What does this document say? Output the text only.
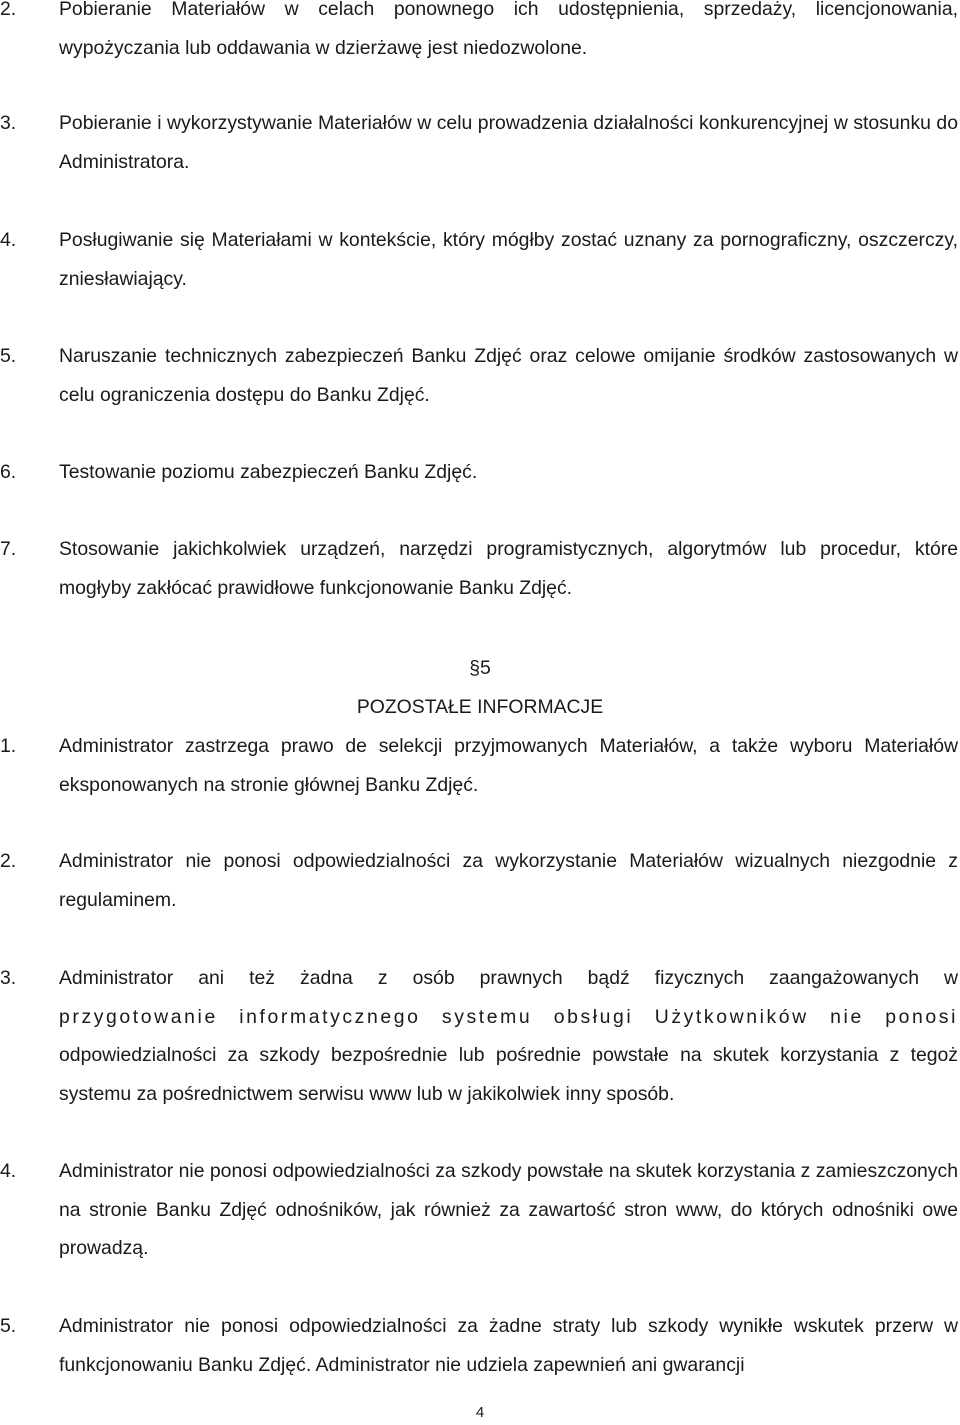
2. Pobieranie Materiałów w celach ponownego ich udostępnienia, sprzedaży, licencjonowania, wypożyczania lub oddawania w dzierżawę jest niedozwolone.
3. Pobieranie i wykorzystywanie Materiałów w celu prowadzenia działalności konkurencyjnej w stosunku do Administratora.
4. Posługiwanie się Materiałami w kontekście, który mógłby zostać uznany za pornograficzny, oszczerczy, zniesławiający.
5. Naruszanie technicznych zabezpieczeń Banku Zdjęć oraz celowe omijanie środków zastosowanych w celu ograniczenia dostępu do Banku Zdjęć.
6. Testowanie poziomu zabezpieczeń Banku Zdjęć.
7. Stosowanie jakichkolwiek urządzeń, narzędzi programistycznych, algorytmów lub procedur, które mogłyby zakłócać prawidłowe funkcjonowanie Banku Zdjęć.
§5
POZOSTAŁE INFORMACJE
1. Administrator zastrzega prawo de selekcji przyjmowanych Materiałów, a także wyboru Materiałów eksponowanych na stronie głównej Banku Zdjęć.
2. Administrator nie ponosi odpowiedzialności za wykorzystanie Materiałów wizualnych niezgodnie z regulaminem.
3. Administrator ani też żadna z osób prawnych bądź fizycznych zaangażowanych w
przygotowanie informatycznego systemu obsługi Użytkowników nie ponosi
odpowiedzialności za szkody bezpośrednie lub pośrednie powstałe na skutek korzystania z tegoż systemu za pośrednictwem serwisu www lub w jakikolwiek inny sposób.
4. Administrator nie ponosi odpowiedzialności za szkody powstałe na skutek korzystania z zamieszczonych na stronie Banku Zdjęć odnośników, jak również za zawartość stron www, do których odnośniki owe prowadzą.
5. Administrator nie ponosi odpowiedzialności za żadne straty lub szkody wynikłe wskutek przerw w funkcjonowaniu Banku Zdjęć. Administrator nie udziela zapewnień ani gwarancji
4
